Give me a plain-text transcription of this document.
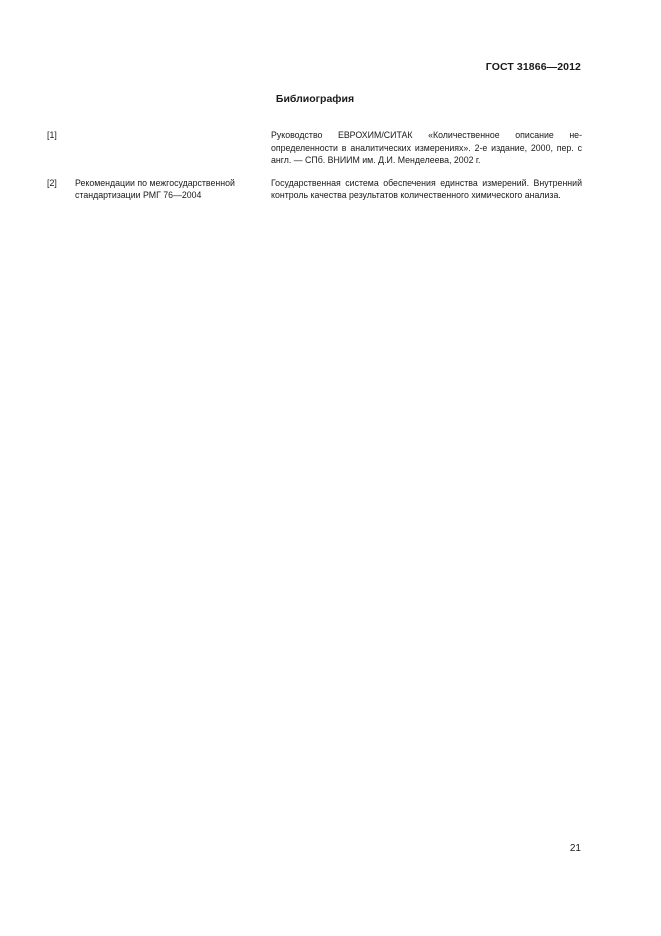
ГОСТ 31866—2012
Библиография
[1]	Руководство ЕВРОХИМ/СИТАК «Количественное описание не-определенности в аналитических измерениях». 2-е издание, 2000, пер. с англ. — СПб. ВНИИМ им. Д.И. Менделеева, 2002 г.
[2]	Рекомендации по межгосударственной стандартизации РМГ 76—2004
Государственная система обеспечения единства измерений. Внутренний контроль качества результатов количественного химического анализа.
21
